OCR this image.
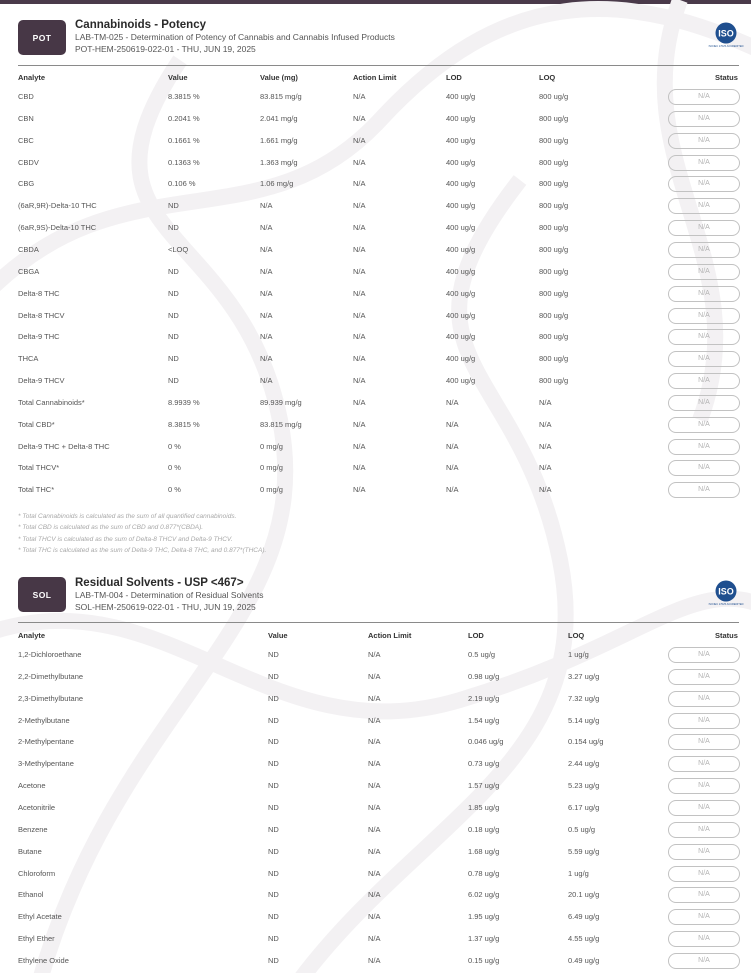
POT
Cannabinoids - Potency
LAB-TM-025 - Determination of Potency of Cannabis and Cannabis Infused Products
POT-HEM-250619-022-01 - THU, JUN 19, 2025
ISO
ISO/IEC 17025 ACCREDITED
Analyte	Value	Value (mg)	Action Limit	LOD	LOQ	Status
CBD	8.3815 %	83.815 mg/g	N/A	400 ug/g	800 ug/g	N/A
CBN	0.2041 %	2.041 mg/g	N/A	400 ug/g	800 ug/g	N/A
CBC	0.1661 %	1.661 mg/g	N/A	400 ug/g	800 ug/g	N/A
CBDV	0.1363 %	1.363 mg/g	N/A	400 ug/g	800 ug/g	N/A
CBG	0.106 %	1.06 mg/g	N/A	400 ug/g	800 ug/g	N/A
(6aR,9R)-Delta-10 THC	ND	N/A	N/A	400 ug/g	800 ug/g	N/A
(6aR,9S)-Delta-10 THC	ND	N/A	N/A	400 ug/g	800 ug/g	N/A
CBDA	<LOQ	N/A	N/A	400 ug/g	800 ug/g	N/A
CBGA	ND	N/A	N/A	400 ug/g	800 ug/g	N/A
Delta-8 THC	ND	N/A	N/A	400 ug/g	800 ug/g	N/A
Delta-8 THCV	ND	N/A	N/A	400 ug/g	800 ug/g	N/A
Delta-9 THC	ND	N/A	N/A	400 ug/g	800 ug/g	N/A
THCA	ND	N/A	N/A	400 ug/g	800 ug/g	N/A
Delta-9 THCV	ND	N/A	N/A	400 ug/g	800 ug/g	N/A
Total Cannabinoids*	8.9939 %	89.939 mg/g	N/A	N/A	N/A	N/A
Total CBD*	8.3815 %	83.815 mg/g	N/A	N/A	N/A	N/A
Delta-9 THC + Delta-8 THC	0 %	0 mg/g	N/A	N/A	N/A	N/A
Total THCV*	0 %	0 mg/g	N/A	N/A	N/A	N/A
Total THC*	0 %	0 mg/g	N/A	N/A	N/A	N/A
* Total Cannabinoids is calculated as the sum of all quantified cannabinoids.
* Total CBD is calculated as the sum of CBD and 0.877*(CBDA).
* Total THCV is calculated as the sum of Delta-8 THCV and Delta-9 THCV.
* Total THC is calculated as the sum of Delta-9 THC, Delta-8 THC, and 0.877*(THCA).
SOL
Residual Solvents - USP <467>
LAB-TM-004 - Determination of Residual Solvents
SOL-HEM-250619-022-01 - THU, JUN 19, 2025
ISO
ISO/IEC 17025 ACCREDITED
Analyte	Value	Action Limit	LOD	LOQ	Status
1,2-Dichloroethane	ND	N/A	0.5 ug/g	1 ug/g	N/A
2,2-Dimethylbutane	ND	N/A	0.98 ug/g	3.27 ug/g	N/A
2,3-Dimethylbutane	ND	N/A	2.19 ug/g	7.32 ug/g	N/A
2-Methylbutane	ND	N/A	1.54 ug/g	5.14 ug/g	N/A
2-Methylpentane	ND	N/A	0.046 ug/g	0.154 ug/g	N/A
3-Methylpentane	ND	N/A	0.73 ug/g	2.44 ug/g	N/A
Acetone	ND	N/A	1.57 ug/g	5.23 ug/g	N/A
Acetonitrile	ND	N/A	1.85 ug/g	6.17 ug/g	N/A
Benzene	ND	N/A	0.18 ug/g	0.5 ug/g	N/A
Butane	ND	N/A	1.68 ug/g	5.59 ug/g	N/A
Chloroform	ND	N/A	0.78 ug/g	1 ug/g	N/A
Ethanol	ND	N/A	6.02 ug/g	20.1 ug/g	N/A
Ethyl Acetate	ND	N/A	1.95 ug/g	6.49 ug/g	N/A
Ethyl Ether	ND	N/A	1.37 ug/g	4.55 ug/g	N/A
Ethylene Oxide	ND	N/A	0.15 ug/g	0.49 ug/g	N/A
